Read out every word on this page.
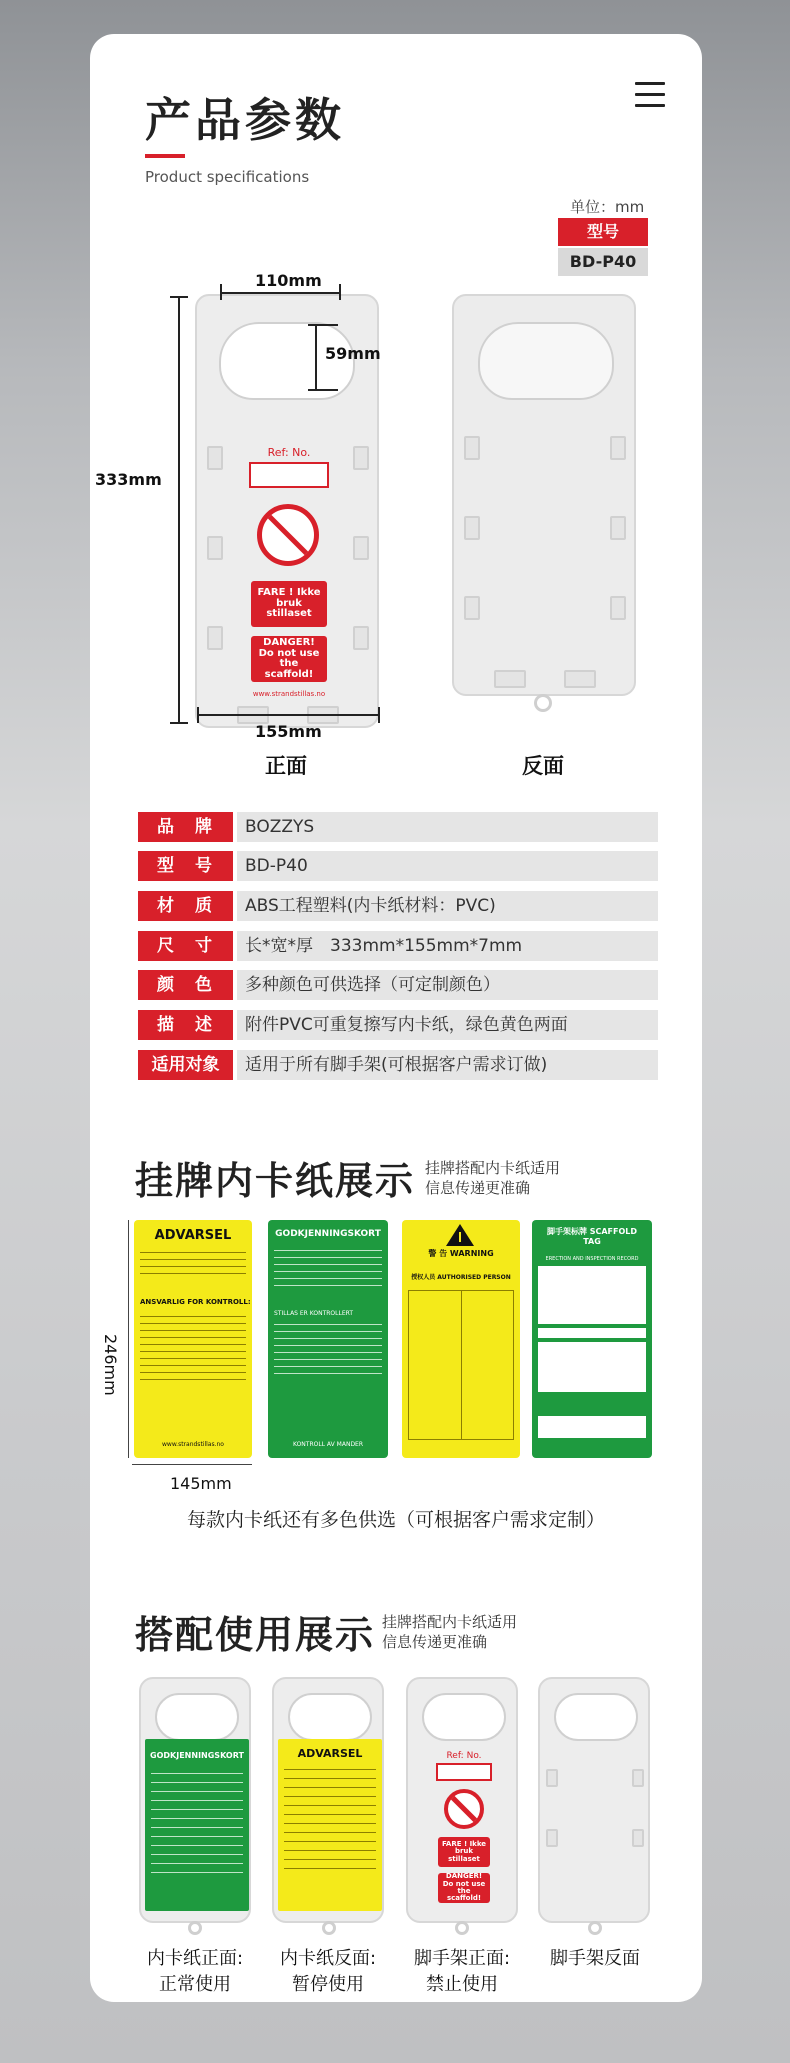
产品参数
Product specifications
单位：mm
型号
BD-P40
Ref: No.
FARE ! Ikke bruk stillaset
DANGER! Do not use the scaffold!
www.strandstillas.no
110mm
59mm
333mm
155mm
正面	反面
品　牌	BOZZYS
型　号	BD-P40
材　质	ABS工程塑料(内卡纸材料：PVC)
尺　寸	长*宽*厚　333mm*155mm*7mm
颜　色	多种颜色可供选择（可定制颜色）
描　述	附件PVC可重复擦写内卡纸，绿色黄色两面
适用对象	适用于所有脚手架(可根据客户需求订做)
挂牌内卡纸展示 挂牌搭配内卡纸适用
信息传递更准确
246mm
145mm
ADVARSEL
ANSVARLIG FOR KONTROLL:
www.strandstillas.no
GODKJENNINGSKORT
STILLAS ER KONTROLLERT
KONTROLL AV MANDER
警 告 WARNING
授权人员 AUTHORISED PERSON
脚手架标牌 SCAFFOLD TAG
ERECTION AND INSPECTION RECORD
每款内卡纸还有多色供选（可根据客户需求定制）
搭配使用展示 挂牌搭配内卡纸适用
信息传递更准确
GODKJENNINGSKORT	ADVARSEL	Ref: No.
FARE ! Ikke bruk stillaset
DANGER! Do not use the scaffold!
内卡纸正面:
正常使用
内卡纸反面:
暂停使用
脚手架正面:
禁止使用
脚手架反面
